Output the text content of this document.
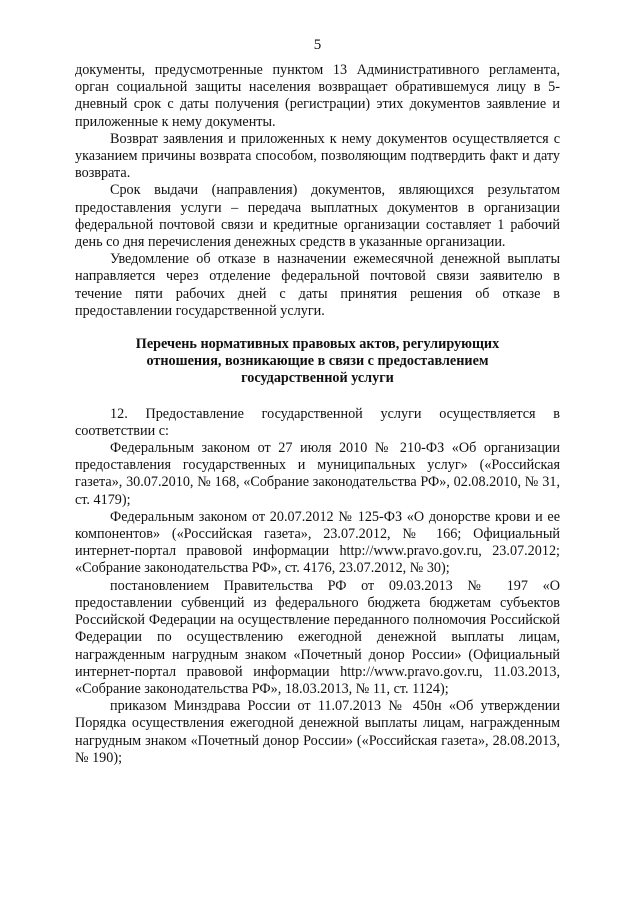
5

документы, предусмотренные пунктом 13 Административного регламента, орган социальной защиты населения возвращает обратившемуся лицу в 5-дневный срок с даты получения (регистрации) этих документов заявление и приложенные к нему документы.

Возврат заявления и приложенных к нему документов осуществляется с указанием причины возврата способом, позволяющим подтвердить факт и дату возврата.

Срок выдачи (направления) документов, являющихся результатом предоставления услуги – передача выплатных документов в организации федеральной почтовой связи и кредитные организации составляет 1 рабочий день со дня перечисления денежных средств в указанные организации.

Уведомление об отказе в назначении ежемесячной денежной выплаты направляется через отделение федеральной почтовой связи заявителю в течение пяти рабочих дней с даты принятия решения об отказе в предоставлении государственной услуги.

Перечень нормативных правовых актов, регулирующих
отношения, возникающие в связи с предоставлением
государственной услуги

12. Предоставление государственной услуги осуществляется в соответствии с:

Федеральным законом от 27 июля 2010 № 210-ФЗ «Об организации предоставления государственных и муниципальных услуг» («Российская газета», 30.07.2010, № 168, «Собрание законодательства РФ», 02.08.2010, № 31, ст. 4179);

Федеральным законом от 20.07.2012 № 125-ФЗ «О донорстве крови и ее компонентов» («Российская газета», 23.07.2012, № 166; Официальный интернет-портал правовой информации http://www.pravo.gov.ru, 23.07.2012; «Собрание законодательства РФ», ст. 4176, 23.07.2012, № 30);

постановлением Правительства РФ от 09.03.2013 № 197 «О предоставлении субвенций из федерального бюджета бюджетам субъектов Российской Федерации на осуществление переданного полномочия Российской Федерации по осуществлению ежегодной денежной выплаты лицам, награжденным нагрудным знаком «Почетный донор России» (Официальный интернет-портал правовой информации http://www.pravo.gov.ru, 11.03.2013, «Собрание законодательства РФ», 18.03.2013, № 11, ст. 1124);

приказом Минздрава России от 11.07.2013 № 450н «Об утверждении Порядка осуществления ежегодной денежной выплаты лицам, награжденным нагрудным знаком «Почетный донор России» («Российская газета», 28.08.2013, № 190);
